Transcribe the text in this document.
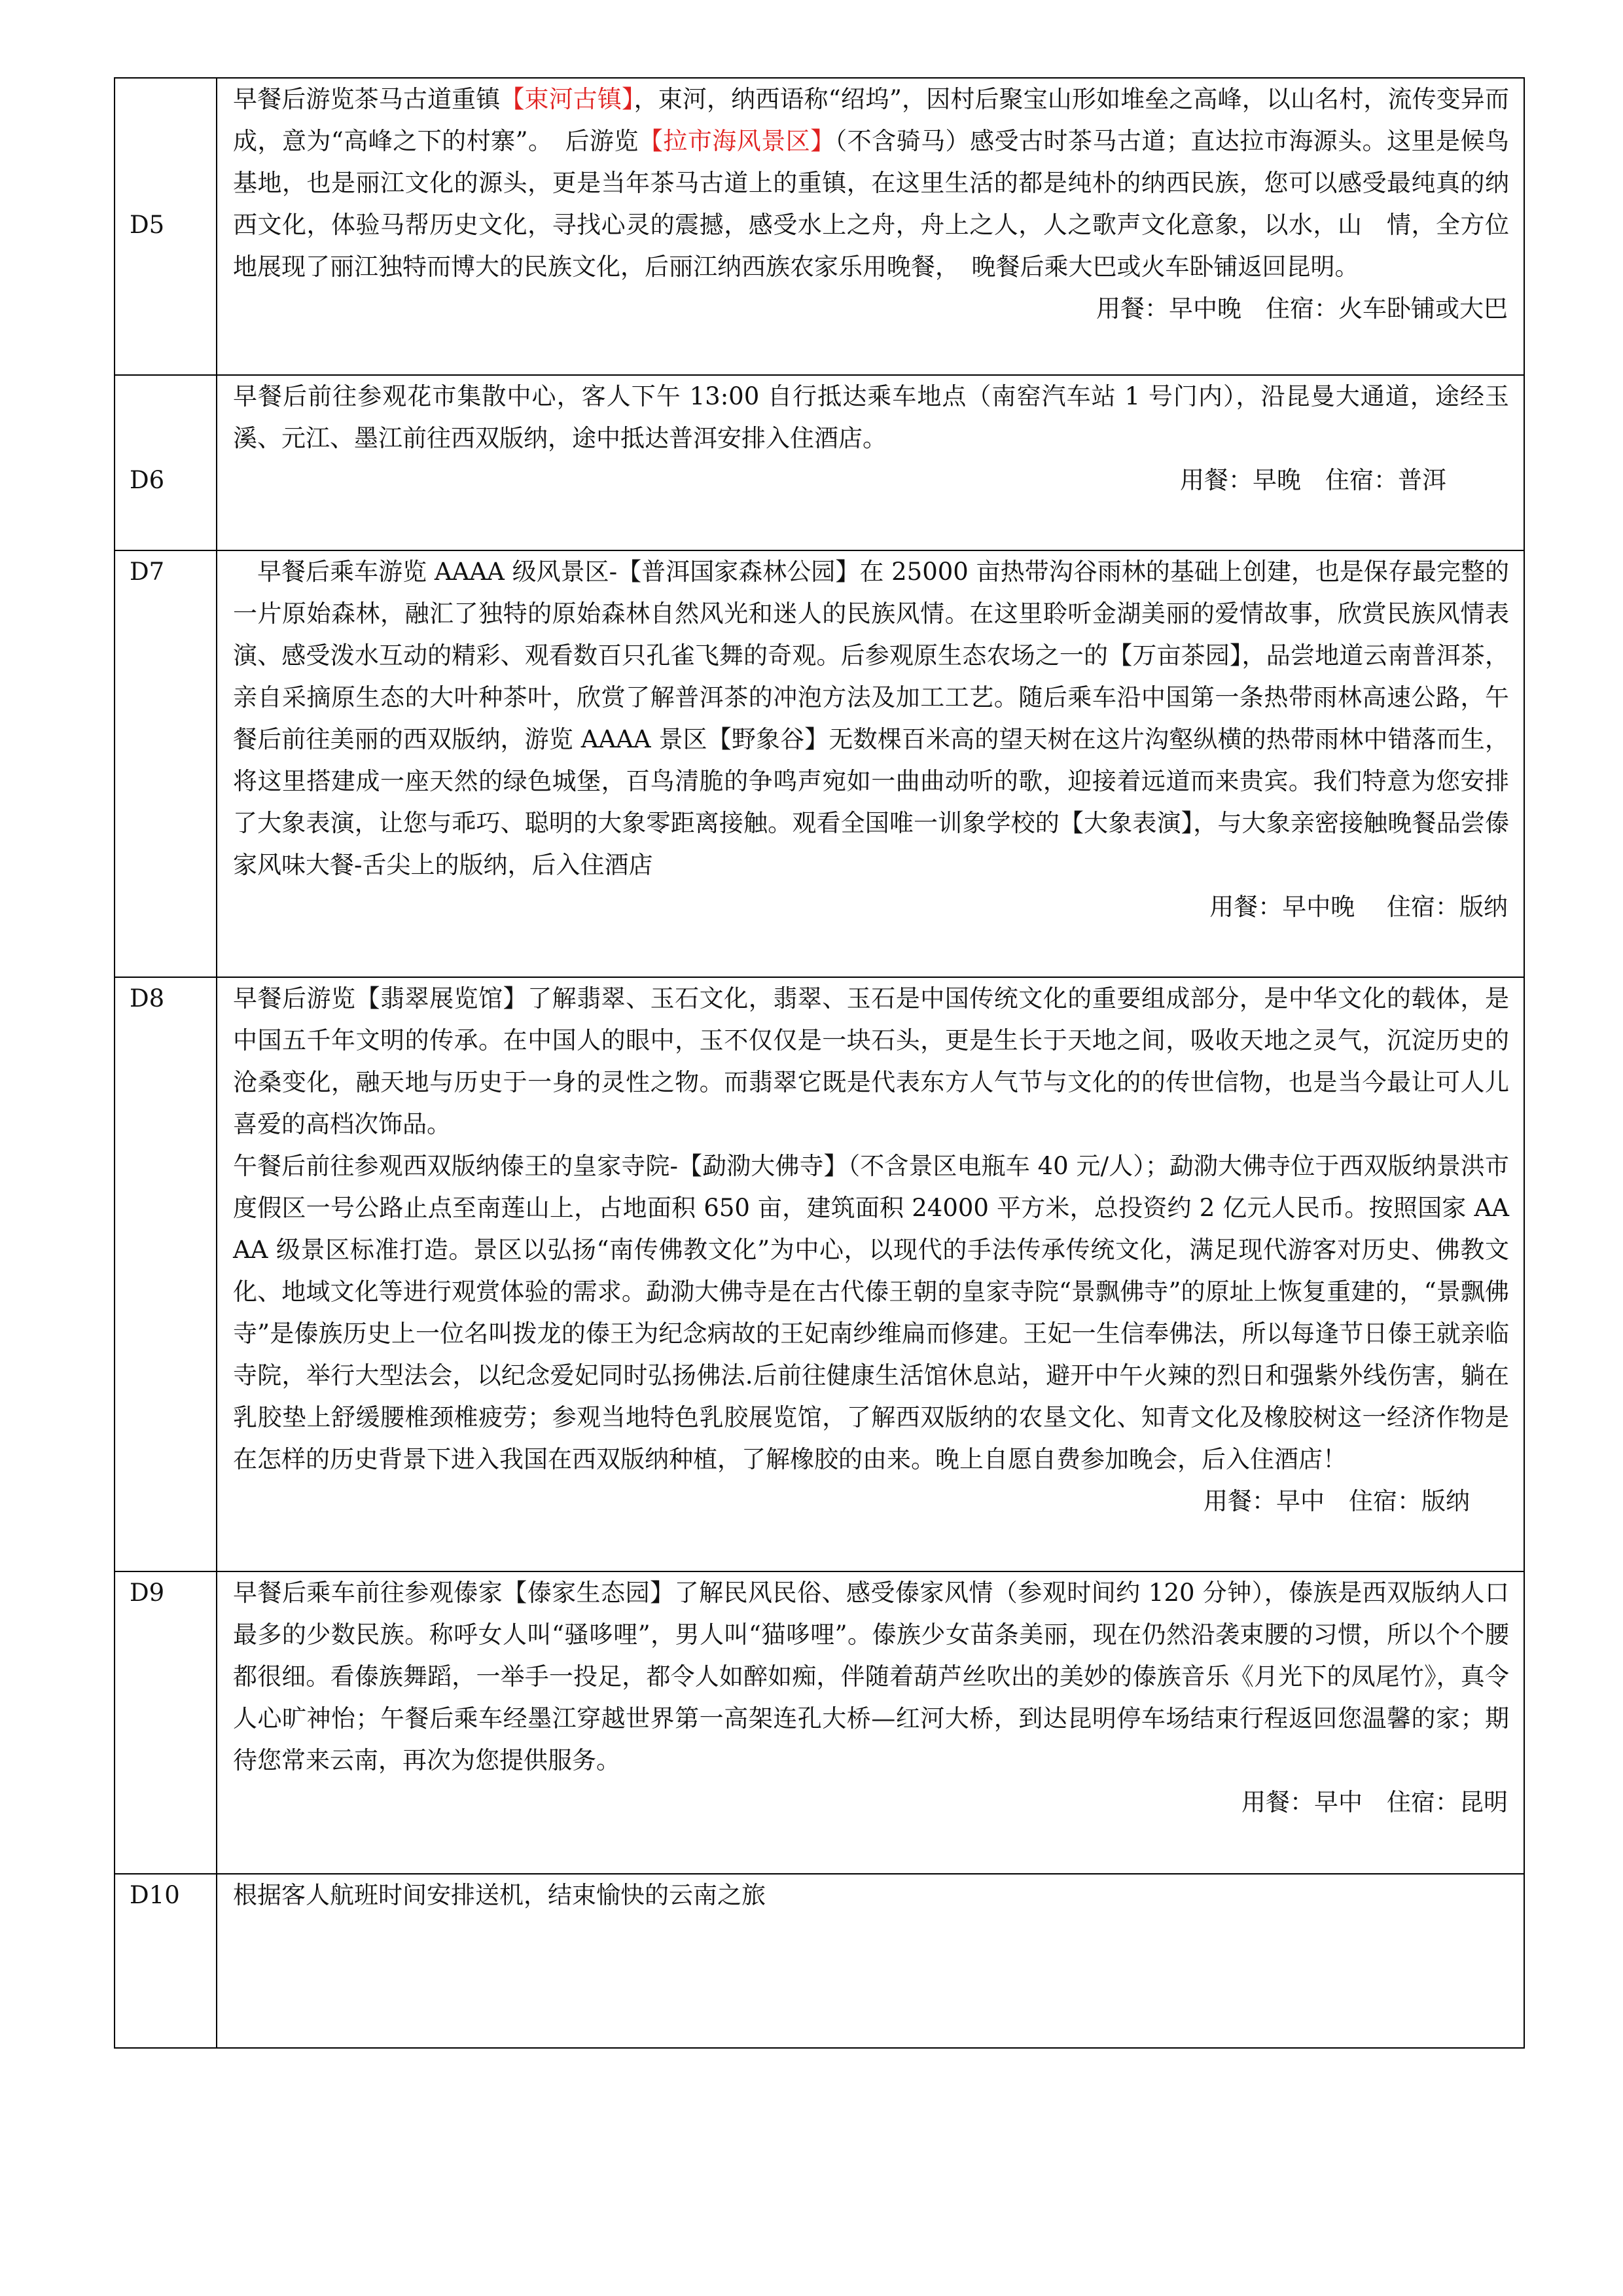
D5	早餐后游览茶马古道重镇【束河古镇】，束河，纳西语称“绍坞”，因村后聚宝山形如堆垒之高峰，以山名村，流传变异而成，意为“高峰之下的村寨”。　后游览【拉市海风景区】（不含骑马）感受古时茶马古道；直达拉市海源头。这里是候鸟基地，也是丽江文化的源头，更是当年茶马古道上的重镇，在这里生活的都是纯朴的纳西民族，您可以感受最纯真的纳西文化，体验马帮历史文化，寻找心灵的震撼，感受水上之舟，舟上之人，人之歌声文化意象，以水，山　情，全方位地展现了丽江独特而博大的民族文化，后丽江纳西族农家乐用晚餐，　晚餐后乘大巴或火车卧铺返回昆明。
用餐：早中晚　住宿：火车卧铺或大巴

D6	早餐后前往参观花市集散中心，客人下午 13:00 自行抵达乘车地点（南窑汽车站 1 号门内），沿昆曼大通道，途经玉溪、元江、墨江前往西双版纳，途中抵达普洱安排入住酒店。
用餐：早晚　住宿：普洱

D7	　早餐后乘车游览 AAAA 级风景区-【普洱国家森林公园】在 25000 亩热带沟谷雨林的基础上创建，也是保存最完整的一片原始森林，融汇了独特的原始森林自然风光和迷人的民族风情。在这里聆听金湖美丽的爱情故事，欣赏民族风情表演、感受泼水互动的精彩、观看数百只孔雀飞舞的奇观。后参观原生态农场之一的【万亩茶园】，品尝地道云南普洱茶，亲自采摘原生态的大叶种茶叶，欣赏了解普洱茶的冲泡方法及加工工艺。随后乘车沿中国第一条热带雨林高速公路，午餐后前往美丽的西双版纳，游览 AAAA 景区【野象谷】无数棵百米高的望天树在这片沟壑纵横的热带雨林中错落而生，将这里搭建成一座天然的绿色城堡，百鸟清脆的争鸣声宛如一曲曲动听的歌，迎接着远道而来贵宾。我们特意为您安排了大象表演，让您与乖巧、聪明的大象零距离接触。观看全国唯一训象学校的【大象表演】，与大象亲密接触晚餐品尝傣家风味大餐-舌尖上的版纳，后入住酒店
用餐：早中晚　 住宿：版纳

D8	早餐后游览【翡翠展览馆】了解翡翠、玉石文化，翡翠、玉石是中国传统文化的重要组成部分，是中华文化的载体，是中国五千年文明的传承。在中国人的眼中，玉不仅仅是一块石头，更是生长于天地之间，吸收天地之灵气，沉淀历史的沧桑变化，融天地与历史于一身的灵性之物。而翡翠它既是代表东方人气节与文化的的传世信物，也是当今最让可人儿喜爱的高档次饰品。
午餐后前往参观西双版纳傣王的皇家寺院-【勐泐大佛寺】（不含景区电瓶车 40 元/人）；勐泐大佛寺位于西双版纳景洪市度假区一号公路止点至南莲山上，占地面积 650 亩，建筑面积 24000 平方米，总投资约 2 亿元人民币。按照国家 AAAA 级景区标准打造。景区以弘扬“南传佛教文化”为中心，以现代的手法传承传统文化，满足现代游客对历史、佛教文化、地域文化等进行观赏体验的需求。勐泐大佛寺是在古代傣王朝的皇家寺院“景飘佛寺”的原址上恢复重建的，“景飘佛寺”是傣族历史上一位名叫拨龙的傣王为纪念病故的王妃南纱维扁而修建。王妃一生信奉佛法，所以每逢节日傣王就亲临寺院，举行大型法会，以纪念爱妃同时弘扬佛法.后前往健康生活馆休息站，避开中午火辣的烈日和强紫外线伤害，躺在乳胶垫上舒缓腰椎颈椎疲劳；参观当地特色乳胶展览馆，了解西双版纳的农垦文化、知青文化及橡胶树这一经济作物是在怎样的历史背景下进入我国在西双版纳种植，了解橡胶的由来。晚上自愿自费参加晚会，后入住酒店！
用餐：早中　住宿：版纳

D9	早餐后乘车前往参观傣家【傣家生态园】了解民风民俗、感受傣家风情（参观时间约 120 分钟），傣族是西双版纳人口最多的少数民族。称呼女人叫“骚哆哩”，男人叫“猫哆哩”。傣族少女苗条美丽，现在仍然沿袭束腰的习惯，所以个个腰都很细。看傣族舞蹈，一举手一投足，都令人如醉如痴，伴随着葫芦丝吹出的美妙的傣族音乐《月光下的凤尾竹》，真令人心旷神怡；午餐后乘车经墨江穿越世界第一高架连孔大桥—红河大桥，到达昆明停车场结束行程返回您温馨的家；期待您常来云南，再次为您提供服务。
用餐：早中　住宿：昆明

D10	根据客人航班时间安排送机，结束愉快的云南之旅
